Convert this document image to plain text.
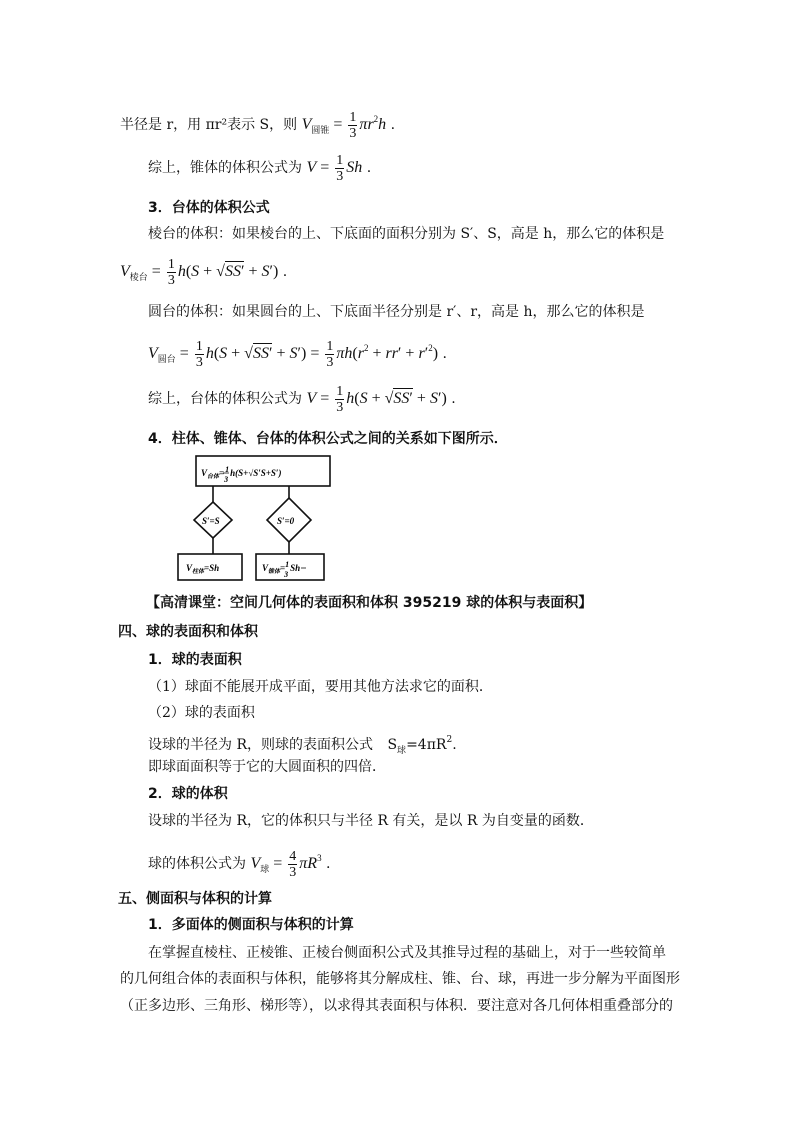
半径是 r，用 πr²表示 S，则 $V_{圆锥} = \frac{1}{3} \pi r^2h$ .
综上，锥体的体积公式为 $V = \frac{1}{3}$ Sh .
3．台体的体积公式
棱台的体积：如果棱台的上、下底面的面积分别为 S′、S，高是 h，那么它的体积是
$V_{棱台} = \frac{1}{3} h(S + √SS' + S')$ .
圆台的体积：如果圆台的上、下底面半径分别是 r′、r，高是 h，那么它的体积是
$V_{圆台} = \frac{1}{3} h(S + √SS' + S') = \frac{1}{3} \pi h(r^2 + rr' + r'^2)$ .
综上，台体的体积公式为 $V = \frac{1}{3} h(S + √SS' + S')$ .
4．柱体、锥体、台体的体积公式之间的关系如下图所示．
$V_{台体}=1$ 3h(S+√S′S+S′)
S′=S	S′=0
$V_{柱体}=Sh$	$V_{锥体}=1$ 3Sh
【高清课堂：空间几何体的表面积和体积 395219 球的体积与表面积】
四、球的表面积和体积
1．球的表面积
（1）球面不能展开成平面，要用其他方法求它的面积．
（2）球的表面积
设球的半径为 R，则球的表面积公式 $S_球=4\pi R^2$.
即球面面积等于它的大圆面积的四倍．
2．球的体积
设球的半径为 R，它的体积只与半径 R 有关，是以 R 为自变量的函数．
球的体积公式为 $V_球 = \frac{4}{3} \pi R^3$ .
五、侧面积与体积的计算
1．多面体的侧面积与体积的计算
在掌握直棱柱、正棱锥、正棱台侧面积公式及其推导过程的基础上，对于一些较简单
的几何组合体的表面积与体积，能够将其分解成柱、锥、台、球，再进一步分解为平面图形
（正多边形、三角形、梯形等），以求得其表面积与体积．要注意对各几何体相重叠部分的
